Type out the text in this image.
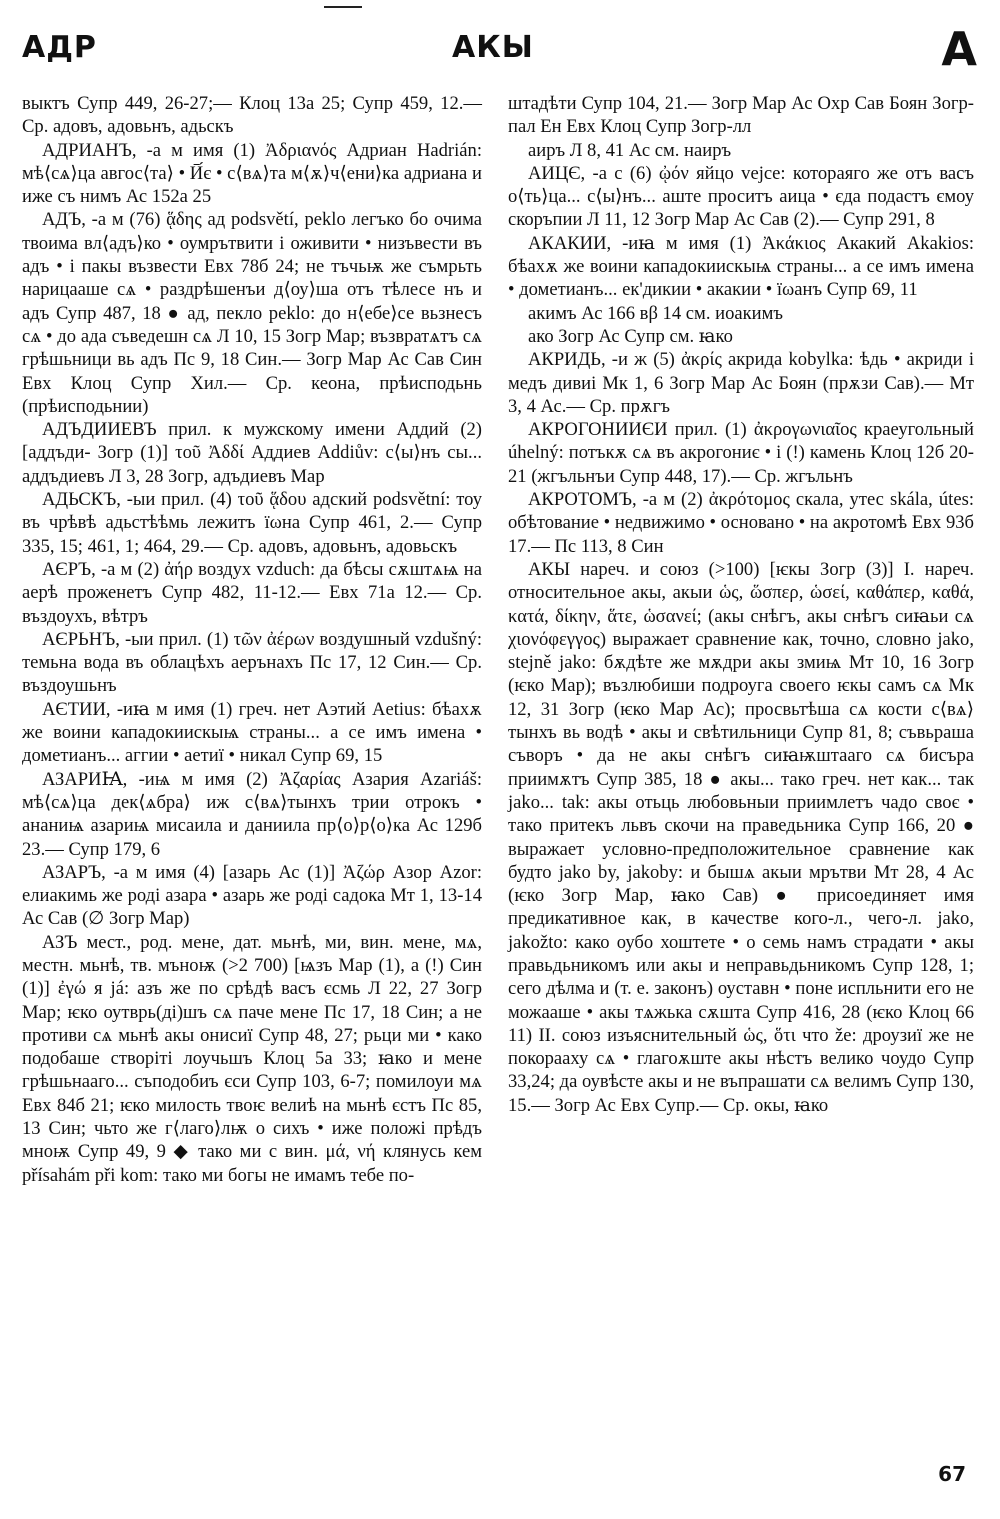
АДР	АКЫ	А

выктъ Супр 449, 26-27;— Клоц 13а 25; Супр 459, 12.— Ср. адовъ, адовьнъ, адьскъ

АДРИАНЪ, -а м имя (1) Ἀδριανός Адриан Hadrián: мѣ⟨сѧ⟩ца авгос⟨та⟩ • Ӣ́є • с⟨вѧ⟩та м⟨ѫ⟩ч⟨ени⟩ка адриана и иже съ нимъ Ас 152а 25

АДЪ, -а м (76) ᾅδης ад podsvětí, peklo легъко бо очима твоима вл⟨адъ⟩ко • оумрътвити i оживити • низъвести въ адъ • i пакы възвести Евх 78б 24; не тъчьѭ же съмрьть нарицааше сѧ • раздрѣшенъи д⟨оу⟩ша отъ тѣлесе нъ и адъ Супр 487, 18 ● ад, пекло peklo: до н⟨ебе⟩се вьзнесъ сѧ • до ада съведешн сѧ Л 10, 15 Зогр Мар; възвратѧтъ сѧ грѣшьници вь адъ Пс 9, 18 Син.— Зогр Мар Ас Сав Син Евх Клоц Супр Хил.— Ср. кеона, прѣисподьнь (прѣисподьнии)

АДЪДИИЕВЪ прил. к мужскому имени Аддий (2) [аддъди- Зогр (1)] τοῦ Ἀδδί Аддиев Addiův: с⟨ы⟩нъ сы... аддъдиевъ Л 3, 28 Зогр, адъдиевъ Мар

АДЬСКЪ, -ыи прил. (4) τοῦ ᾅδου адский podsvětní: тоу въ чрѣвѣ адьстѣѣмь лежитъ їωна Супр 461, 2.— Супр 335, 15; 461, 1; 464, 29.— Ср. адовъ, адовьнъ, адовьскъ

АЄРЪ, -а м (2) ἀήρ воздух vzduch: да бѣсы сѫштѧѩ на аерѣ проженетъ Супр 482, 11-12.— Евх 71а 12.— Ср. въздоухъ, вѣтръ

АЄРЬНЪ, -ыи прил. (1) τῶν ἀέρων воздушный vzdušný: темьна вода въ облацѣхъ аерънахъ Пс 17, 12 Син.— Ср. въздоушьнъ

АЄТИИ, -иꙗ м имя (1) греч. нет Аэтий Aetius: бѣахѫ же воини кападокиискыѩ страны... а се имъ имена • дометианъ... аггии • аетиї • никал Супр 69, 15

АЗАРИꙖ, -иѩ м имя (2) Ἀζαρίας Азария Azariáš: мѣ⟨сѧ⟩ца дек⟨ѧбра⟩ иж с⟨вѧ⟩тынхъ трии отрокъ • ананиѩ азариѩ мисаила и даниила пр⟨о⟩р⟨о⟩ка Ас 129б 23.— Супр 179, 6

АЗАРЪ, -а м имя (4) [азарь Ас (1)] Ἀζώρ Азор Azor: елиакимь же роді азара • азарь же роді садока Мт 1, 13-14 Ас Сав (∅ Зогр Мар)

АЗЪ мест., род. мене, дат. мьнѣ, ми, вин. мене, мѧ, местн. мьнѣ, тв. мъноѭ (>2 700) [ѩзъ Мар (1), а (!) Син (1)] ἐγώ я já: азъ же по срѣдѣ васъ єсмь Л 22, 27 Зогр Мар; ѥко оутврь(ді)шъ сѧ паче мене Пс 17, 18 Син; а не противи сѧ мьнѣ акы онисиї Супр 48, 27; рьци ми • како подобаше створіті лоучьшъ Клоц 5а 33; ꙗко и мене грѣшьнааго... съподобиъ єси Супр 103, 6-7; помилоуи мѧ Евх 84б 21; ѥко милость твоѥ велиѣ на мьнѣ єстъ Пс 85, 13 Син; чьто же г⟨лаго⟩лѭ о сихъ • иже положі прѣдъ мноѭ Супр 49, 9 ◆ тако ми с вин. μά, νή клянусь кем přísahám při kom: тако ми богы не имамъ тебе по-

штадѣти Супр 104, 21.— Зогр Мар Ас Охр Сав Боян Зогр-пал Ен Евх Клоц Супр Зогр-лл

аиръ Л 8, 41 Ас см. наиръ

АИЦЄ, -а с (6) ᾠόν яйцо vejce: котораяго же отъ васъ о⟨ть⟩ца... с⟨ы⟩нъ... аште проситъ аица • єда подастъ ємоу скоръпии Л 11, 12 Зогр Мар Ас Сав (2).— Супр 291, 8

АКАКИИ, -иꙗ м имя (1) Ἀκάκιος Акакий Akakios: бѣахѫ же воини кападокиискыѩ страны... а се имъ имена • дометианъ... ек'дикии • акакии • їωанъ Супр 69, 11

акимъ Ас 166 вβ 14 см. иоакимъ

ако Зогр Ас Супр см. ꙗко

АКРИДЬ, -и ж (5) ἀκρίς акрида kobylka: ѣдь • акриди і медъ дивиі Мк 1, 6 Зогр Мар Ас Боян (прѫзи Сав).— Мт 3, 4 Ас.— Ср. прѫгъ

АКРОГОНИИЄИ прил. (1) ἀκρογωνιαῖος краеугольный úhelný: потъкѫ сѧ въ акрогониє • і (!) камень Клоц 12б 20-21 (жгъльнъи Супр 448, 17).— Ср. жгъльнъ

АКРОТОМЪ, -а м (2) ἀκρότομος скала, утес skála, útes: обѣтование • недвижимо • основано • на акротомѣ Евх 93б 17.— Пс 113, 8 Син

АКЫ нареч. и союз (>100) [ѥкы Зогр (3)] I. нареч. относительное акы, акыи ὡς, ὥσπερ, ὡσεί, καθάπερ, καθά, κατά, δίκην, ἅτε, ὡσανεί; (акы снѣгъ, акы снѣгъ сиꙗьи сѧ χιονόφεγγος) выражает сравнение как, точно, словно jako, stejně jako: бѫдѣте же мѫдри акы змиѩ Мт 10, 16 Зогр (ѥко Мар); възлюбиши подроуга своего ѥкы самъ сѧ Мк 12, 31 Зогр (ѥко Мар Ас); просвьтѣша сѧ кости с⟨вѧ⟩тынхъ вь водѣ • акы и свѣтильници Супр 81, 8; съвьраша съворъ • да не акы снѣгъ сиꙗѭштааго сѧ бисъра приимѫтъ Супр 385, 18 ● акы... тако греч. нет как... так jako... tak: акы отьць любовьныи приимлетъ чадо своє • тако притекъ львъ скочи на праведьника Супр 166, 20 ● выражает условно-предположительное сравнение как будто jako by, jakoby: и бышѧ акыи мрътви Мт 28, 4 Ас (ѥко Зогр Мар, ꙗко Сав) ● присоединяет имя предикативное как, в качестве кого-л., чего-л. jako, jakožto: како оубо хоштете • о семь намъ страдати • акы правьдьникомъ или акы и неправьдьникомъ Супр 128, 1; сего дѣлма и (т. е. законъ) оуставн • поне испльнити его не можааше • акы тѧжька сѫшта Супр 416, 28 (ѥко Клоц 66 11) II. союз изъяснительный ὡς, ὅτι что že: дроузиї же не покорааху сѧ • глагоѫште акы нѣстъ велико чоудо Супр 33,24; да оувѣсте акы и не въпрашати сѧ велимъ Супр 130, 15.— Зогр Ас Евх Супр.— Ср. окы, ꙗко

67
